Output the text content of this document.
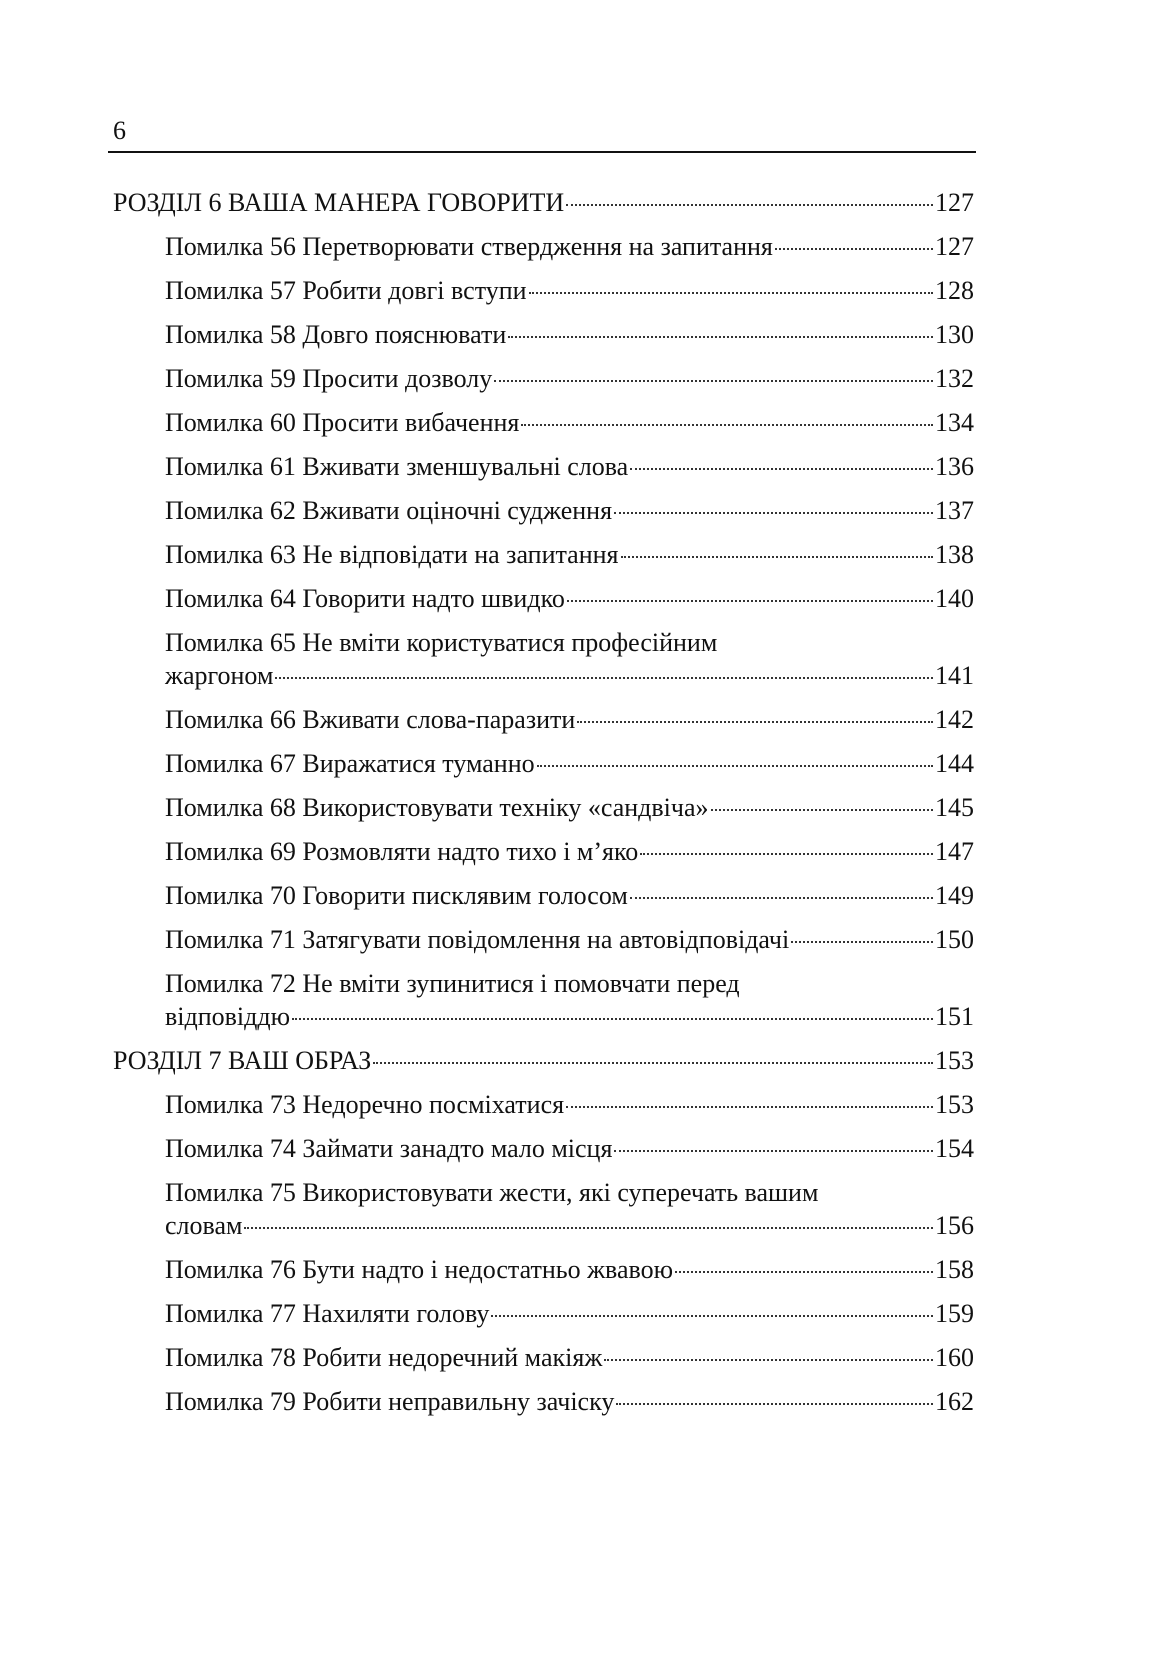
6
РОЗДІЛ 6 ВАША МАНЕРА ГОВОРИТИ	127
Помилка 56 Перетворювати ствердження на запитання	127
Помилка 57 Робити довгі вступи	128
Помилка 58 Довго пояснювати	130
Помилка 59 Просити дозволу	132
Помилка 60 Просити вибачення	134
Помилка 61 Вживати зменшувальні слова	136
Помилка 62 Вживати оціночні судження	137
Помилка 63 Не відповідати на запитання	138
Помилка 64 Говорити надто швидко	140
Помилка 65 Не вміти користуватися професійним
жаргоном	141
Помилка 66 Вживати слова-паразити	142
Помилка 67 Виражатися туманно	144
Помилка 68 Використовувати техніку «сандвіча»	145
Помилка 69 Розмовляти надто тихо і м’яко	147
Помилка 70 Говорити писклявим голосом	149
Помилка 71 Затягувати повідомлення на автовідповідачі	150
Помилка 72 Не вміти зупинитися і помовчати перед
відповіддю	151
РОЗДІЛ 7 ВАШ ОБРАЗ	153
Помилка 73 Недоречно посміхатися	153
Помилка 74 Займати занадто мало місця	154
Помилка 75 Використовувати жести, які суперечать вашим
словам	156
Помилка 76 Бути надто і недостатньо жвавою	158
Помилка 77 Нахиляти голову	159
Помилка 78 Робити недоречний макіяж	160
Помилка 79 Робити неправильну зачіску	162
